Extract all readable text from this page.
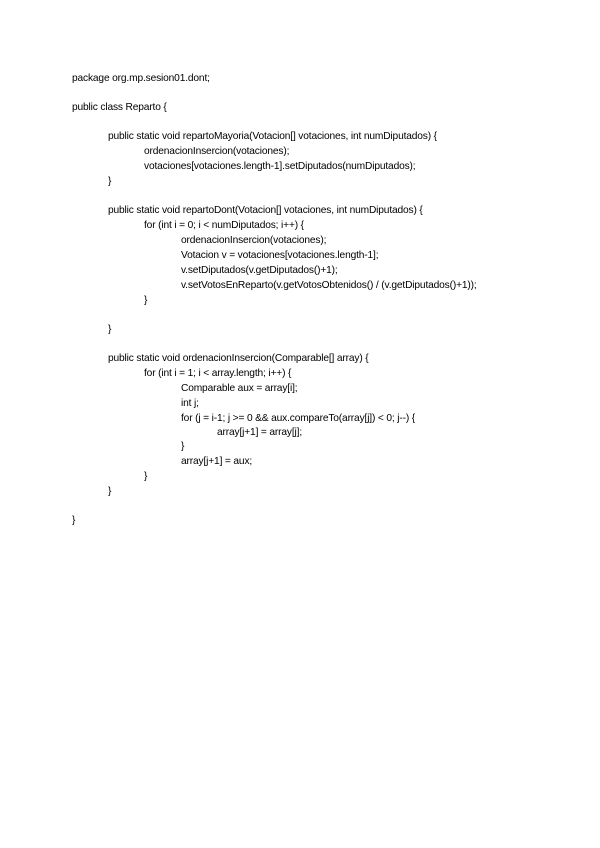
package org.mp.sesion01.dont;
public class Reparto {
public static void repartoMayoria(Votacion[] votaciones, int numDiputados) {
ordenacionInsercion(votaciones);
votaciones[votaciones.length-1].setDiputados(numDiputados);
}
public static void repartoDont(Votacion[] votaciones, int numDiputados) {
for (int i = 0; i < numDiputados; i++) {
ordenacionInsercion(votaciones);
Votacion v = votaciones[votaciones.length-1];
v.setDiputados(v.getDiputados()+1);
v.setVotosEnReparto(v.getVotosObtenidos() / (v.getDiputados()+1));
}
}
public static void ordenacionInsercion(Comparable[] array) {
for (int i = 1; i < array.length; i++) {
Comparable aux = array[i];
int j;
for (j = i-1; j >= 0 && aux.compareTo(array[j]) < 0; j--) {
array[j+1] = array[j];
}
array[j+1] = aux;
}
}
}
